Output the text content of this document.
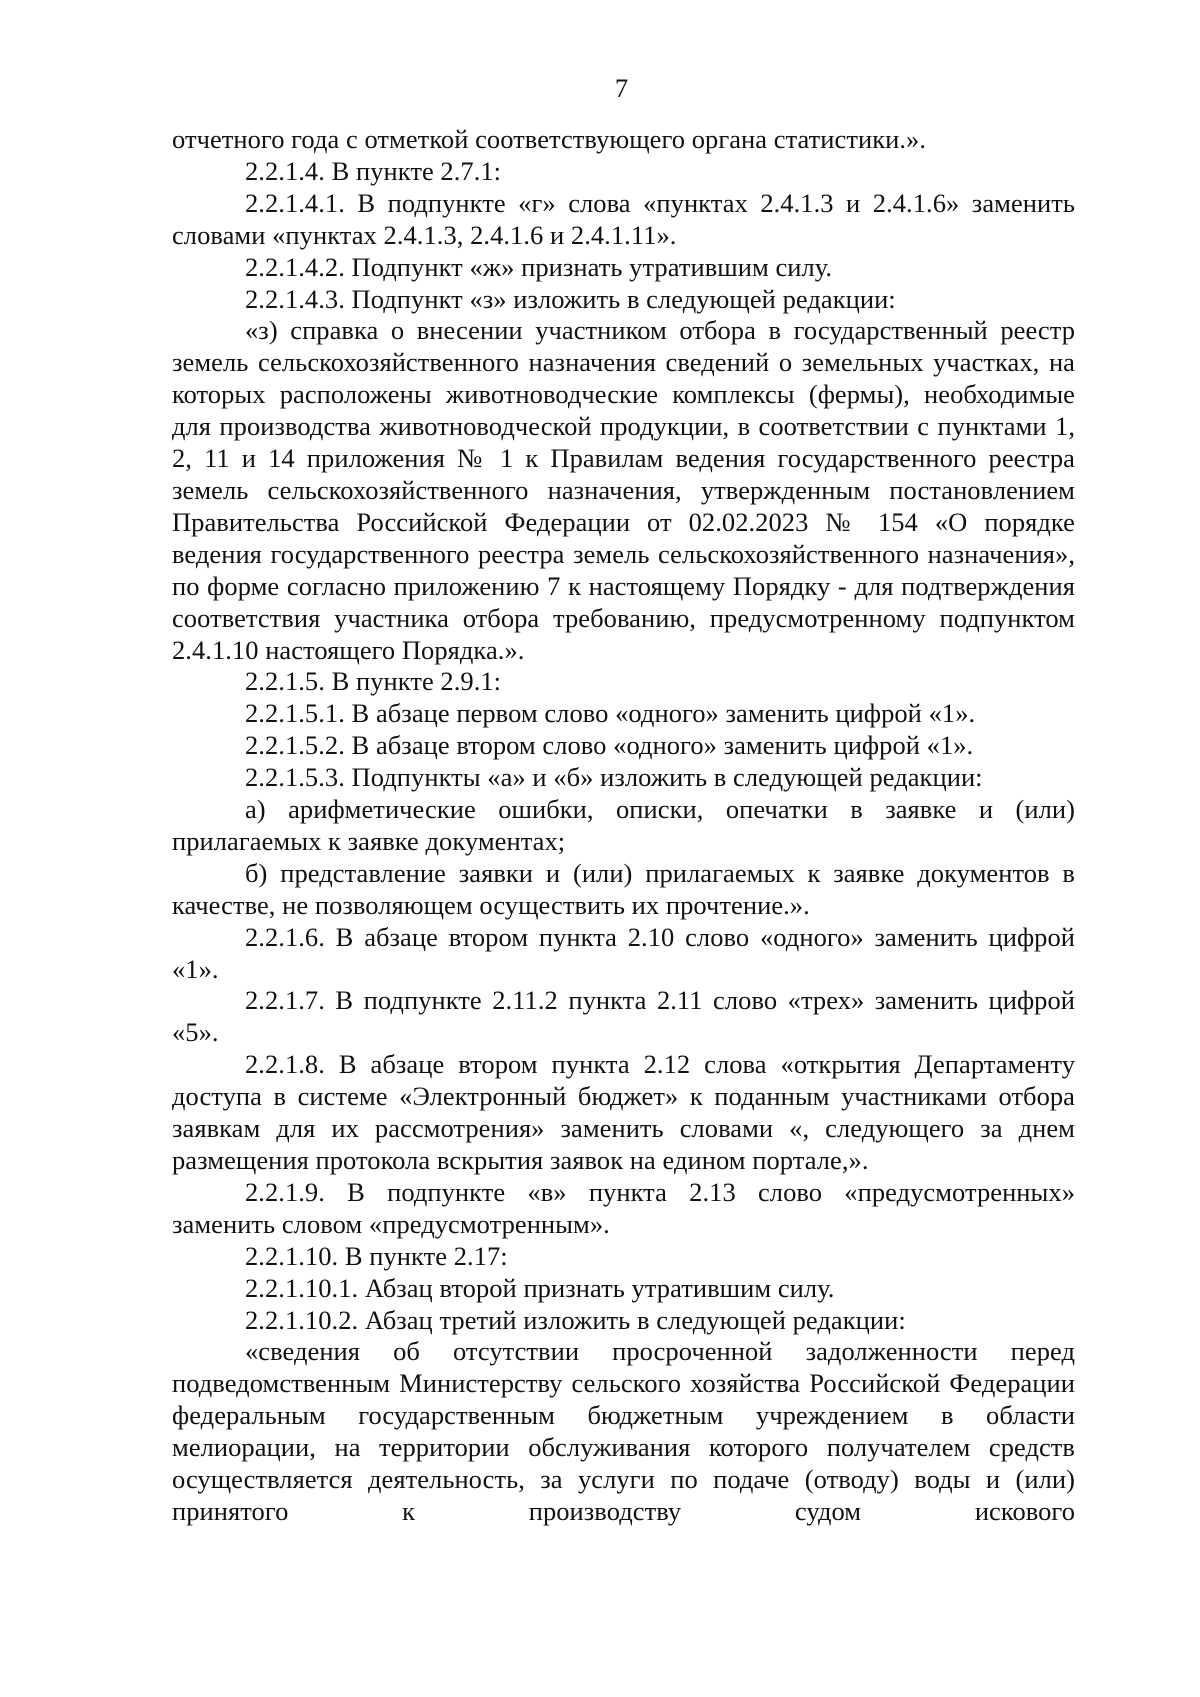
7

отчетного года с отметкой соответствующего органа статистики.».

2.2.1.4. В пункте 2.7.1:

2.2.1.4.1. В подпункте «г» слова «пунктах 2.4.1.3 и 2.4.1.6» заменить словами «пунктах 2.4.1.3, 2.4.1.6 и 2.4.1.11».

2.2.1.4.2. Подпункт «ж» признать утратившим силу.

2.2.1.4.3. Подпункт «з» изложить в следующей редакции:

«з) справка о внесении участником отбора в государственный реестр земель сельскохозяйственного назначения сведений о земельных участках, на которых расположены животноводческие комплексы (фермы), необходимые для производства животноводческой продукции, в соответствии с пунктами 1, 2, 11 и 14 приложения № 1 к Правилам ведения государственного реестра земель сельскохозяйственного назначения, утвержденным постановлением Правительства Российской Федерации от 02.02.2023 № 154 «О порядке ведения государственного реестра земель сельскохозяйственного назначения», по форме согласно приложению 7 к настоящему Порядку - для подтверждения соответствия участника отбора требованию, предусмотренному подпунктом 2.4.1.10 настоящего Порядка.».

2.2.1.5. В пункте 2.9.1:

2.2.1.5.1. В абзаце первом слово «одного» заменить цифрой «1».

2.2.1.5.2. В абзаце втором слово «одного» заменить цифрой «1».

2.2.1.5.3. Подпункты «а» и «б» изложить в следующей редакции:

а) арифметические ошибки, описки, опечатки в заявке и (или) прилагаемых к заявке документах;

б) представление заявки и (или) прилагаемых к заявке документов в качестве, не позволяющем осуществить их прочтение.».

2.2.1.6. В абзаце втором пункта 2.10 слово «одного» заменить цифрой «1».

2.2.1.7. В подпункте 2.11.2 пункта 2.11 слово «трех» заменить цифрой «5».

2.2.1.8. В абзаце втором пункта 2.12 слова «открытия Департаменту доступа в системе «Электронный бюджет» к поданным участниками отбора заявкам для их рассмотрения» заменить словами «, следующего за днем размещения протокола вскрытия заявок на едином портале,».

2.2.1.9. В подпункте «в» пункта 2.13 слово «предусмотренных» заменить словом «предусмотренным».

2.2.1.10. В пункте 2.17:

2.2.1.10.1. Абзац второй признать утратившим силу.

2.2.1.10.2. Абзац третий изложить в следующей редакции:

«сведения об отсутствии просроченной задолженности перед подведомственным Министерству сельского хозяйства Российской Федерации федеральным государственным бюджетным учреждением в области мелиорации, на территории обслуживания которого получателем средств осуществляется деятельность, за услуги по подаче (отводу) воды и (или) принятого к производству судом искового
